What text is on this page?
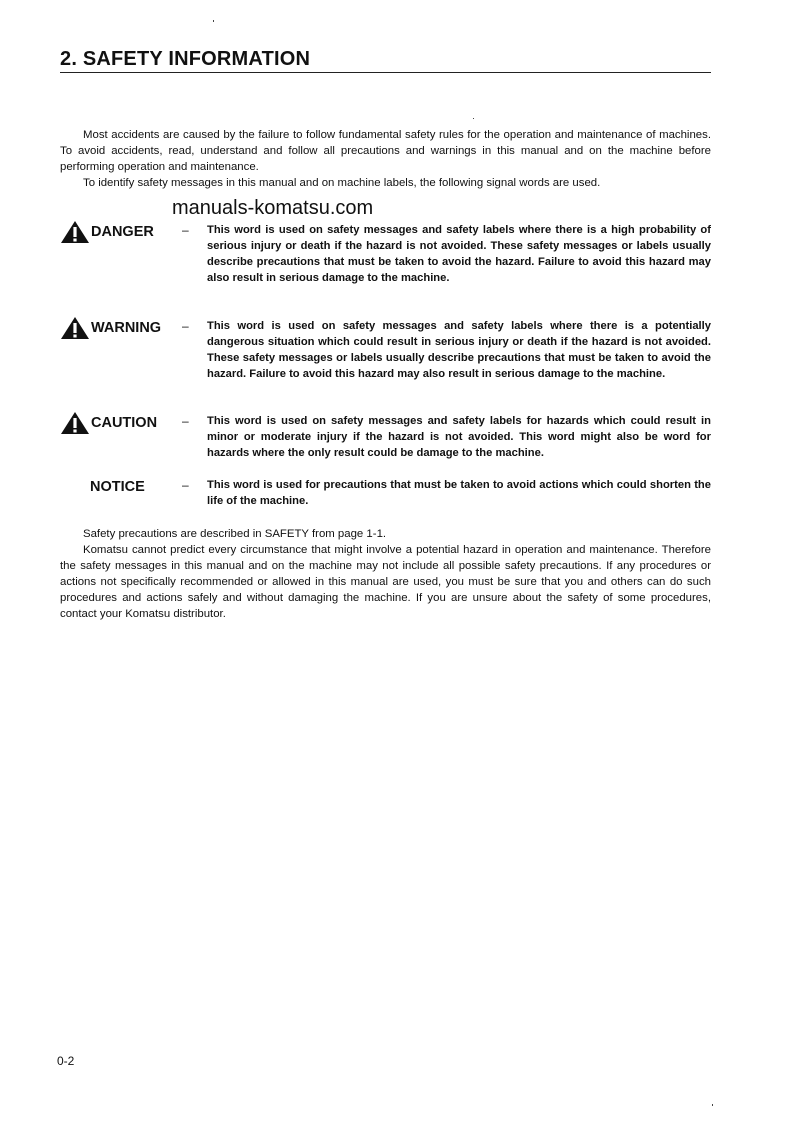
2. SAFETY INFORMATION

Most accidents are caused by the failure to follow fundamental safety rules for the operation and maintenance of machines. To avoid accidents, read, understand and follow all precautions and warnings in this manual and on the machine before performing operation and maintenance.

To identify safety messages in this manual and on machine labels, the following signal words are used.

manuals-komatsu.com
DANGER – This word is used on safety messages and safety labels where there is a high probability of serious injury or death if the hazard is not avoided. These safety messages or labels usually describe precautions that must be taken to avoid the hazard. Failure to avoid this hazard may also result in serious damage to the machine.
WARNING – This word is used on safety messages and safety labels where there is a potentially dangerous situation which could result in serious injury or death if the hazard is not avoided. These safety messages or labels usually describe precautions that must be taken to avoid the hazard. Failure to avoid this hazard may also result in serious damage to the machine.
CAUTION – This word is used on safety messages and safety labels for hazards which could result in minor or moderate injury if the hazard is not avoided. This word might also be word for hazards where the only result could be damage to the machine.
NOTICE	– This word is used for precautions that must be taken to avoid actions which could shorten the life of the machine.

Safety precautions are described in SAFETY from page 1-1.

Komatsu cannot predict every circumstance that might involve a potential hazard in operation and maintenance. Therefore the safety messages in this manual and on the machine may not include all possible safety precautions. If any procedures or actions not specifically recommended or allowed in this manual are used, you must be sure that you and others can do such procedures and actions safely and without damaging the machine. If you are unsure about the safety of some procedures, contact your Komatsu distributor.

0-2
